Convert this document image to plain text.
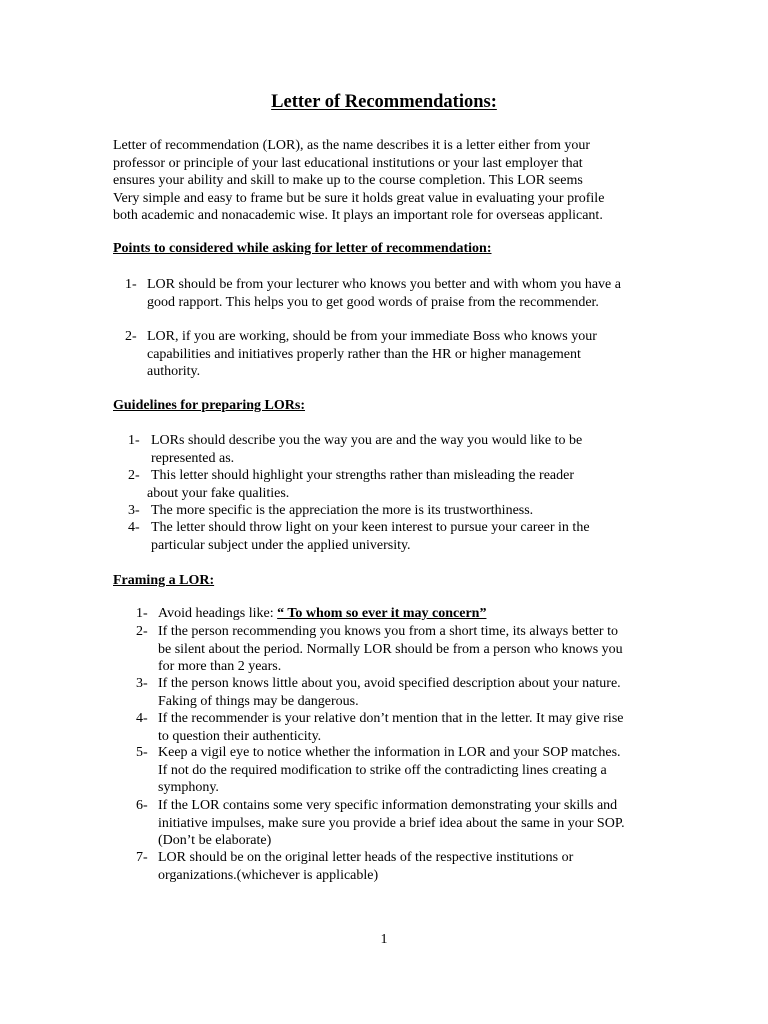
Letter of Recommendations:

Letter of recommendation (LOR), as the name describes it is a letter either from your
professor or principle of your last educational institutions or your last employer that
ensures your ability and skill to make up to the course completion. This LOR seems
Very simple and easy to frame but be sure it holds great value in evaluating your profile
both academic and nonacademic wise. It plays an important role for overseas applicant.

Points to considered while asking for letter of recommendation:
1- LOR should be from your lecturer who knows you better and with whom you have a
good rapport. This helps you to get good words of praise from the recommender.
2- LOR, if you are working, should be from your immediate Boss who knows your
capabilities and initiatives properly rather than the HR or higher management
authority.
Guidelines for preparing LORs:
1- LORs should describe you the way you are and the way you would like to be
represented as.
2- This letter should highlight your strengths rather than misleading the reader
about your fake qualities.
3- The more specific is the appreciation the more is its trustworthiness.
4- The letter should throw light on your keen interest to pursue your career in the
particular subject under the applied university.
Framing a LOR:
1- Avoid headings like: “ To whom so ever it may concern”
2- If the person recommending you knows you from a short time, its always better to
be silent about the period. Normally LOR should be from a person who knows you
for more than 2 years.
3- If the person knows little about you, avoid specified description about your nature.
Faking of things may be dangerous.
4- If the recommender is your relative don’t mention that in the letter. It may give rise
to question their authenticity.
5- Keep a vigil eye to notice whether the information in LOR and your SOP matches.
If not do the required modification to strike off the contradicting lines creating a
symphony.
6- If the LOR contains some very specific information demonstrating your skills and
initiative impulses, make sure you provide a brief idea about the same in your SOP.
(Don’t be elaborate)
7- LOR should be on the original letter heads of the respective institutions or
organizations.(whichever is applicable)
1
